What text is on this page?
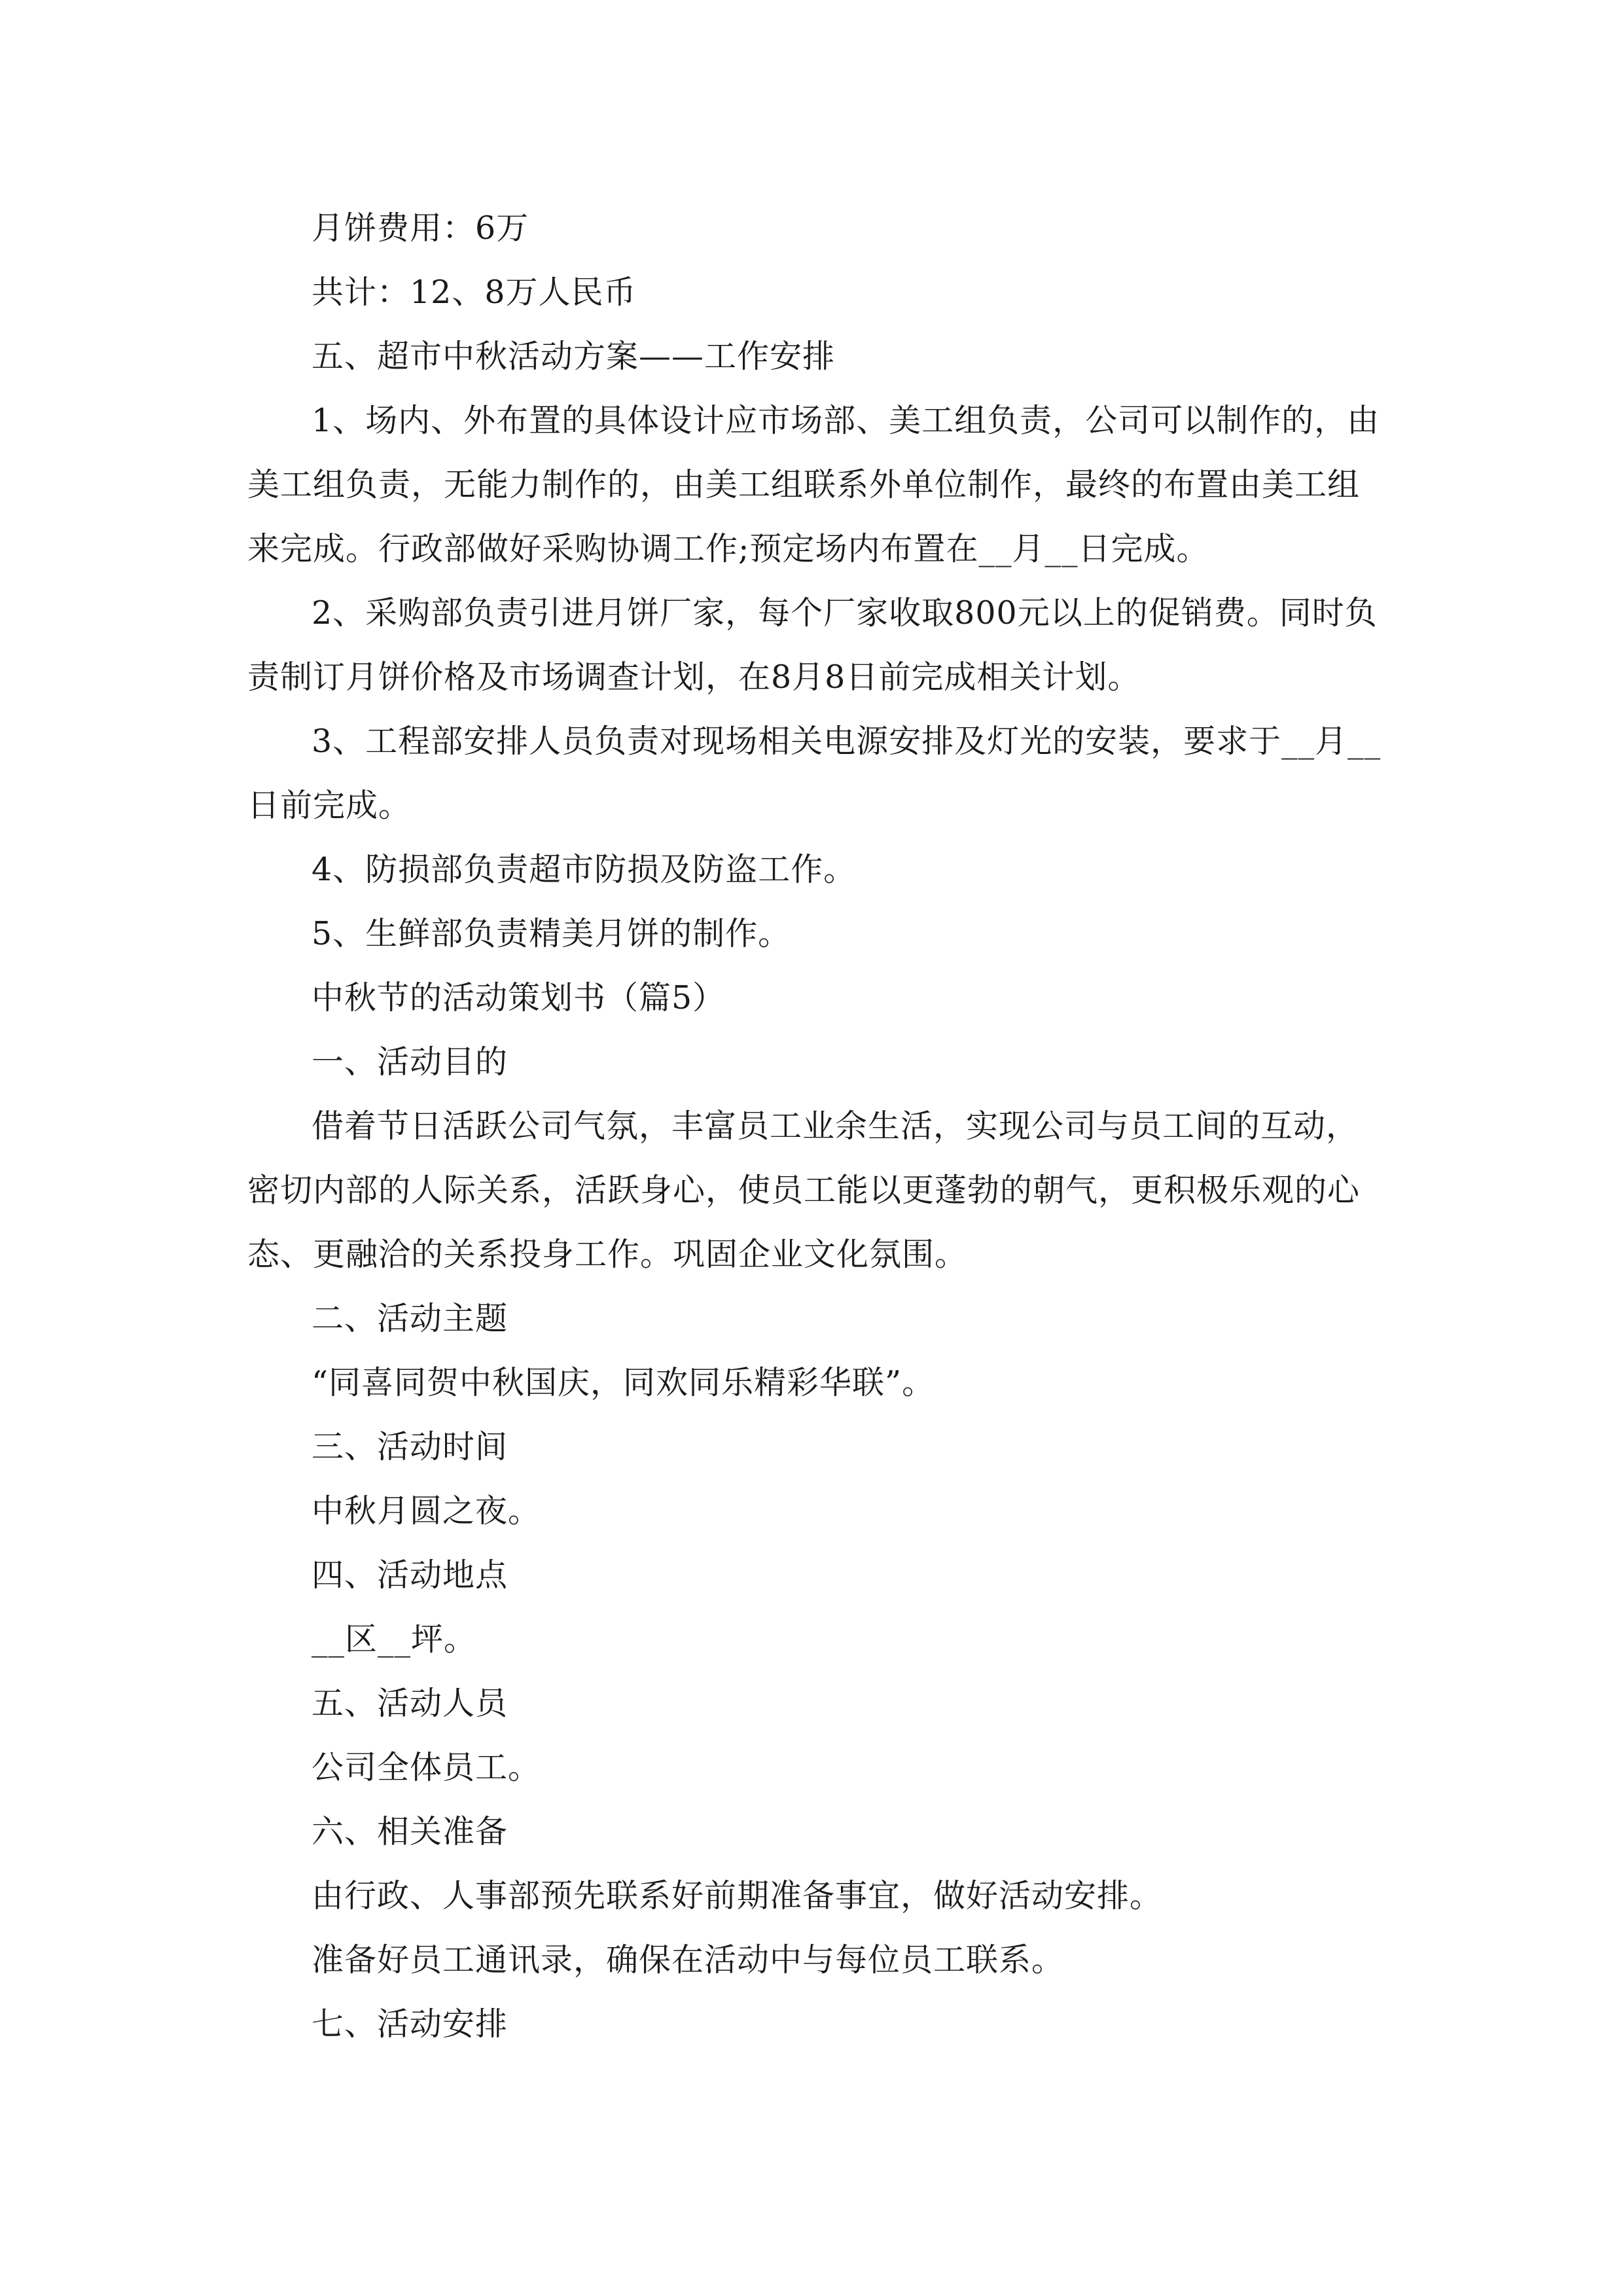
月饼费用：6万

共计：12、8万人民币

五、超市中秋活动方案——工作安排

1、场内、外布置的具体设计应市场部、美工组负责，公司可以制作的，由美工组负责，无能力制作的，由美工组联系外单位制作，最终的布置由美工组来完成。行政部做好采购协调工作;预定场内布置在__月__日完成。

2、采购部负责引进月饼厂家，每个厂家收取800元以上的促销费。同时负责制订月饼价格及市场调查计划，在8月8日前完成相关计划。

3、工程部安排人员负责对现场相关电源安排及灯光的安装，要求于__月__日前完成。

4、防损部负责超市防损及防盗工作。

5、生鲜部负责精美月饼的制作。

中秋节的活动策划书（篇5）

一、活动目的

借着节日活跃公司气氛，丰富员工业余生活，实现公司与员工间的互动，密切内部的人际关系，活跃身心，使员工能以更蓬勃的朝气，更积极乐观的心态、更融洽的关系投身工作。巩固企业文化氛围。

二、活动主题

“同喜同贺中秋国庆，同欢同乐精彩华联”。

三、活动时间

中秋月圆之夜。

四、活动地点

__区__坪。

五、活动人员

公司全体员工。

六、相关准备

由行政、人事部预先联系好前期准备事宜，做好活动安排。

准备好员工通讯录，确保在活动中与每位员工联系。

七、活动安排
